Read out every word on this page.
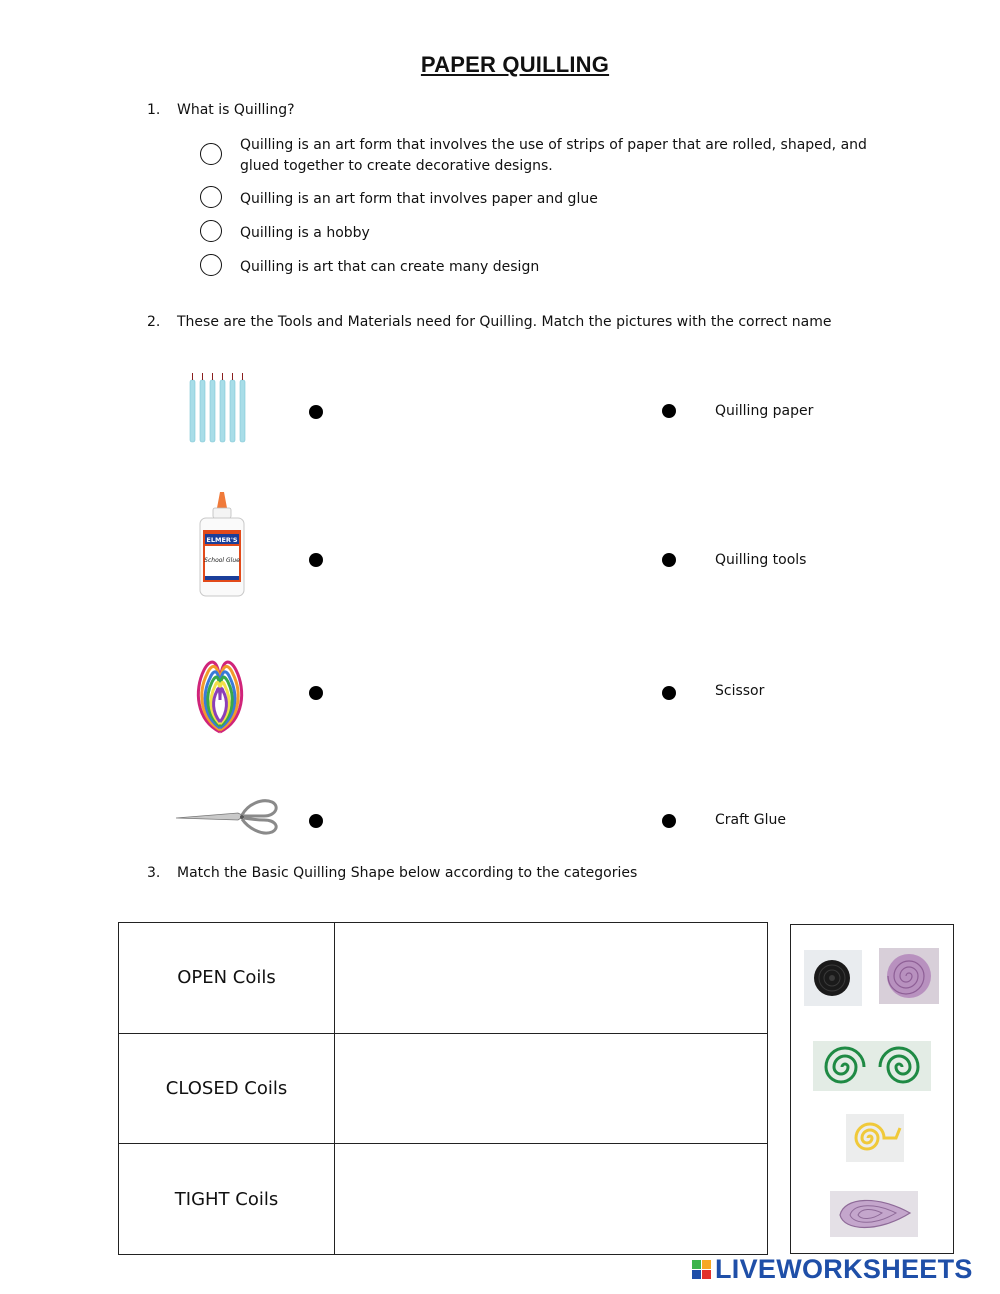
PAPER QUILLING
1. What is Quilling?
Quilling is an art form that involves the use of strips of paper that are rolled, shaped, and glued together to create decorative designs.
Quilling is an art form that involves paper and glue
Quilling is a hobby
Quilling is art that can create many design
2. These are the Tools and Materials need for Quilling. Match the pictures with the correct name
ELMER'S
School Glue
Quilling paper
Quilling tools
Scissor
Craft Glue
3. Match the Basic Quilling Shape below according to the categories
OPEN Coils	
CLOSED Coils	
TIGHT Coils	
LIVEWORKSHEETS
